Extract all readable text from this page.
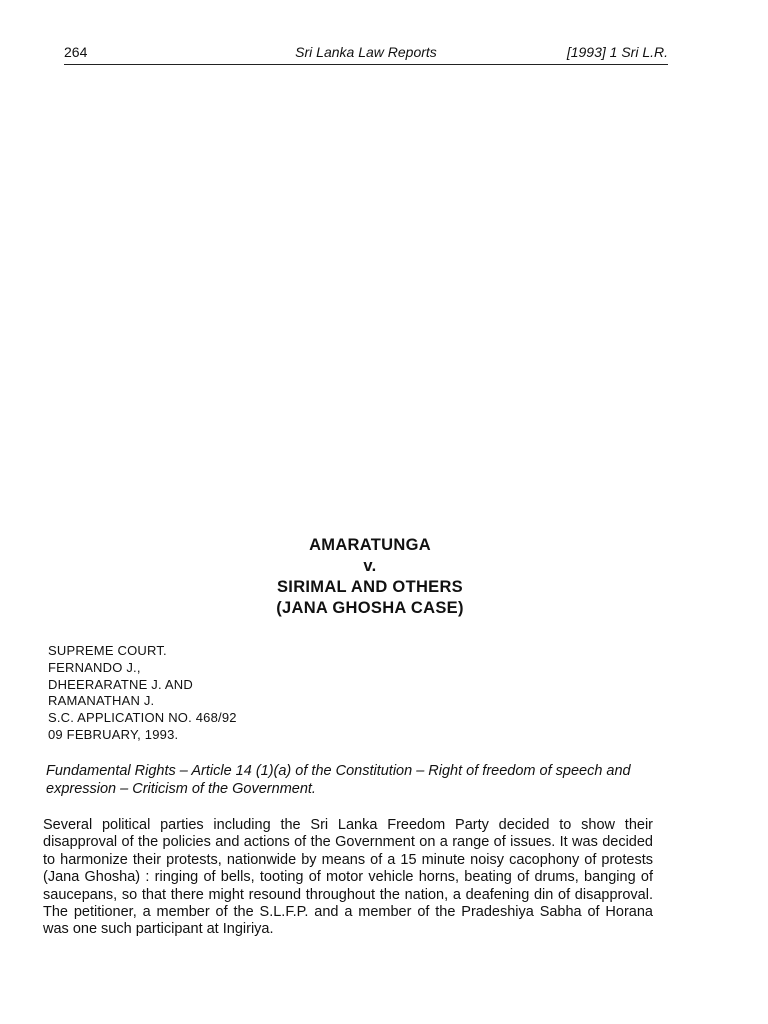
264	Sri Lanka Law Reports	[1993] 1 Sri L.R.
AMARATUNGA
v.
SIRIMAL AND OTHERS
(JANA GHOSHA CASE)
SUPREME COURT.
FERNANDO J.,
DHEERARATNE J. AND
RAMANATHAN J.
S.C. APPLICATION NO. 468/92
09 FEBRUARY, 1993.
Fundamental Rights – Article 14 (1)(a) of the Constitution – Right of freedom of speech and expression – Criticism of the Government.
Several political parties including the Sri Lanka Freedom Party decided to show their disapproval of the policies and actions of the Government on a range of issues. It was decided to harmonize their protests, nationwide by means of a 15 minute noisy cacophony of protests (Jana Ghosha) : ringing of bells, tooting of motor vehicle horns, beating of drums, banging of saucepans, so that there might resound throughout the nation, a deafening din of disapproval. The petitioner, a member of the S.L.F.P. and a member of the Pradeshiya Sabha of Horana was one such participant at Ingiriya.
